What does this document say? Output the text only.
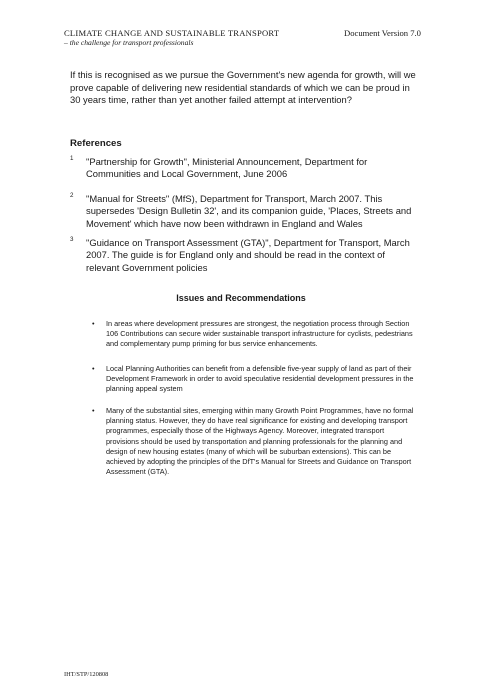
CLIMATE CHANGE AND SUSTAINABLE TRANSPORT
– the challenge for transport professionals
Document Version 7.0

If this is recognised as we pursue the Government's new agenda for growth, will we prove capable of delivering new residential standards of which we can be proud in 30 years time, rather than yet another failed attempt at intervention?

References
1 "Partnership for Growth", Ministerial Announcement, Department for Communities and Local Government, June 2006
2 "Manual for Streets" (MfS), Department for Transport, March 2007. This supersedes 'Design Bulletin 32', and its companion guide, 'Places, Streets and Movement' which have now been withdrawn in England and Wales
3 "Guidance on Transport Assessment (GTA)", Department for Transport, March 2007. The guide is for England only and should be read in the context of relevant Government policies
Issues and Recommendations
• In areas where development pressures are strongest, the negotiation process through Section 106 Contributions can secure wider sustainable transport infrastructure for cyclists, pedestrians and complementary pump priming for bus service enhancements.
• Local Planning Authorities can benefit from a defensible five-year supply of land as part of their Development Framework in order to avoid speculative residential development pressures in the planning appeal system
• Many of the substantial sites, emerging within many Growth Point Programmes, have no formal planning status. However, they do have real significance for existing and developing transport programmes, especially those of the Highways Agency. Moreover, integrated transport provisions should be used by transportation and planning professionals for the planning and design of new housing estates (many of which will be suburban extensions). This can be achieved by adopting the principles of the DfT's Manual for Streets and Guidance on Transport Assessment (GTA).
IHT/STP/120808
